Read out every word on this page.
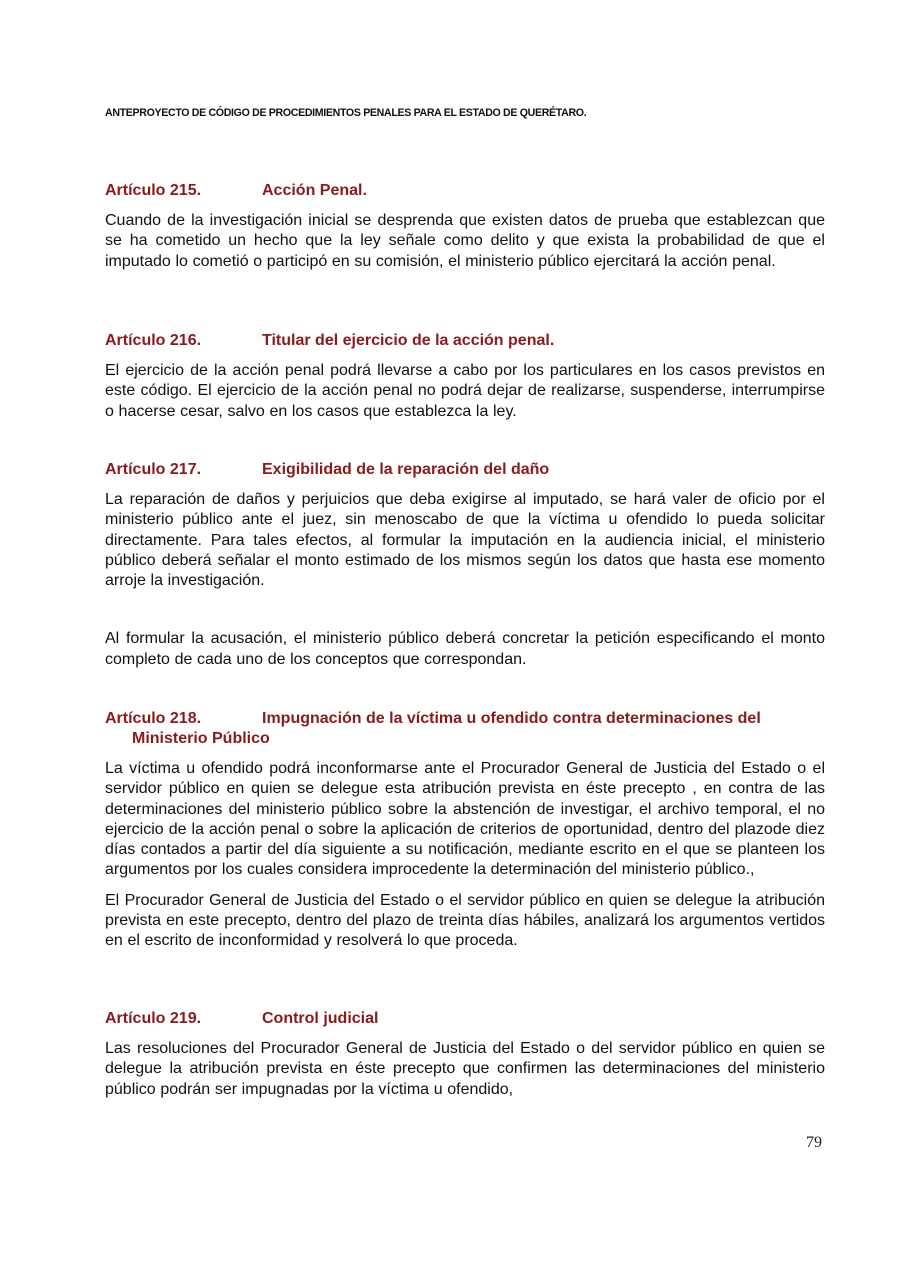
ANTEPROYECTO DE CÓDIGO DE PROCEDIMIENTOS PENALES PARA EL ESTADO DE QUERÉTARO.
Artículo 215.	Acción Penal.

Cuando de la investigación inicial se desprenda que existen datos de prueba que establezcan que se ha cometido un hecho que la ley señale como delito y que exista la probabilidad de que el imputado lo cometió o participó en su comisión, el ministerio público ejercitará la acción penal.

Artículo 216.	Titular del ejercicio de la acción penal.

El ejercicio de la acción penal podrá llevarse a cabo por los particulares en los casos previstos en este código. El ejercicio de la acción penal no podrá dejar de realizarse, suspenderse, interrumpirse o hacerse cesar, salvo en los casos que establezca la ley.

Artículo 217.	Exigibilidad de la reparación del daño

La reparación de daños y perjuicios que deba exigirse al imputado, se hará valer de oficio por el ministerio público ante el juez, sin menoscabo de que la víctima u ofendido lo pueda solicitar directamente. Para tales efectos, al formular la imputación en la audiencia inicial, el ministerio público deberá señalar el monto estimado de los mismos según los datos que hasta ese momento arroje la investigación.

Al formular la acusación, el ministerio público deberá concretar la petición especificando el monto completo de cada uno de los conceptos que correspondan.

Artículo 218.	Impugnación de la víctima u ofendido contra determinaciones del
Ministerio Público

La víctima u ofendido podrá inconformarse ante el Procurador General de Justicia del Estado o el servidor público en quien se delegue esta atribución prevista en éste precepto , en contra de las determinaciones del ministerio público sobre la abstención de investigar, el archivo temporal, el no ejercicio de la acción penal o sobre la aplicación de criterios de oportunidad, dentro del plazode diez días contados a partir del día siguiente a su notificación, mediante escrito en el que se planteen los argumentos por los cuales considera improcedente la determinación del ministerio público.,

El Procurador General de Justicia del Estado o el servidor público en quien se delegue la atribución prevista en este precepto, dentro del plazo de treinta días hábiles, analizará los argumentos vertidos en el escrito de inconformidad y resolverá lo que proceda.

Artículo 219.	Control judicial

Las resoluciones del Procurador General de Justicia del Estado o del servidor público en quien se delegue la atribución prevista en éste precepto que confirmen las determinaciones del ministerio público podrán ser impugnadas por la víctima u ofendido,

79
